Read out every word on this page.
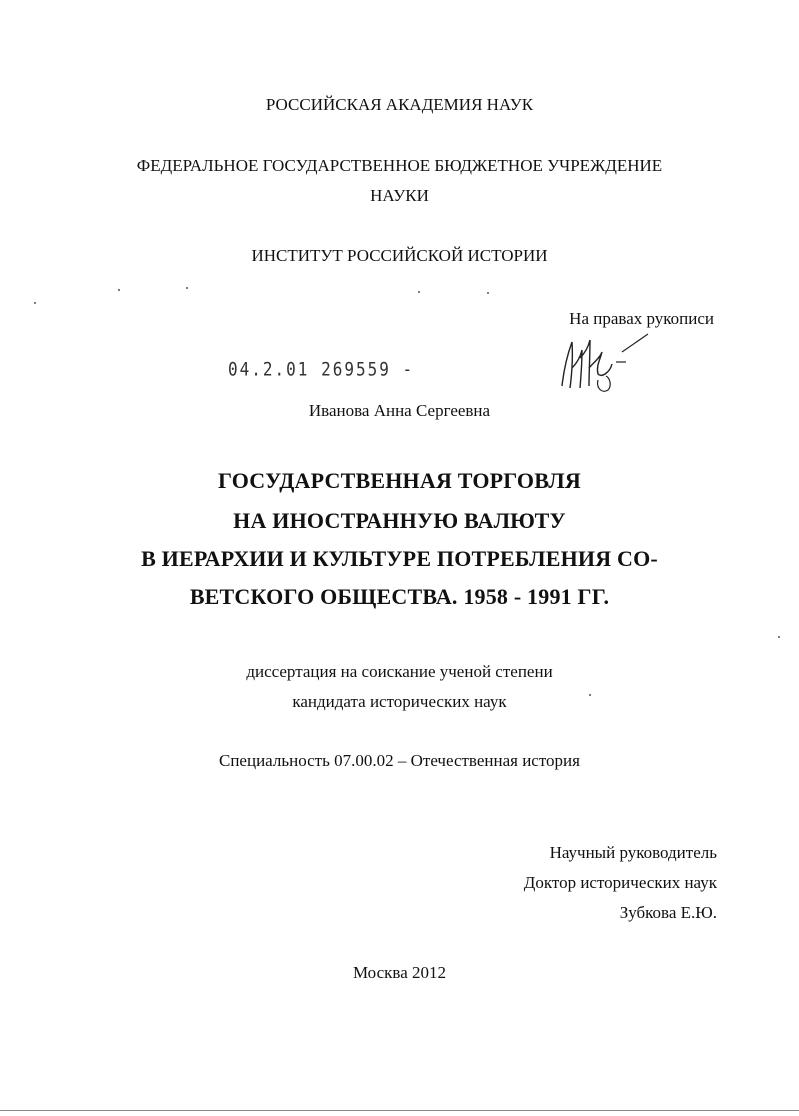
РОССИЙСКАЯ АКАДЕМИЯ НАУК
ФЕДЕРАЛЬНОЕ ГОСУДАРСТВЕННОЕ БЮДЖЕТНОЕ УЧРЕЖДЕНИЕ
НАУКИ
ИНСТИТУТ РОССИЙСКОЙ ИСТОРИИ
На правах рукописи
04.2.01 269559 -
Иванова Анна Сергеевна
ГОСУДАРСТВЕННАЯ ТОРГОВЛЯ
НА ИНОСТРАННУЮ ВАЛЮТУ
В ИЕРАРХИИ И КУЛЬТУРЕ ПОТРЕБЛЕНИЯ СО-
ВЕТСКОГО ОБЩЕСТВА. 1958 - 1991 ГГ.
диссертация на соискание ученой степени
кандидата исторических наук
Специальность 07.00.02 – Отечественная история
Научный руководитель
Доктор исторических наук
Зубкова Е.Ю.
Москва 2012
